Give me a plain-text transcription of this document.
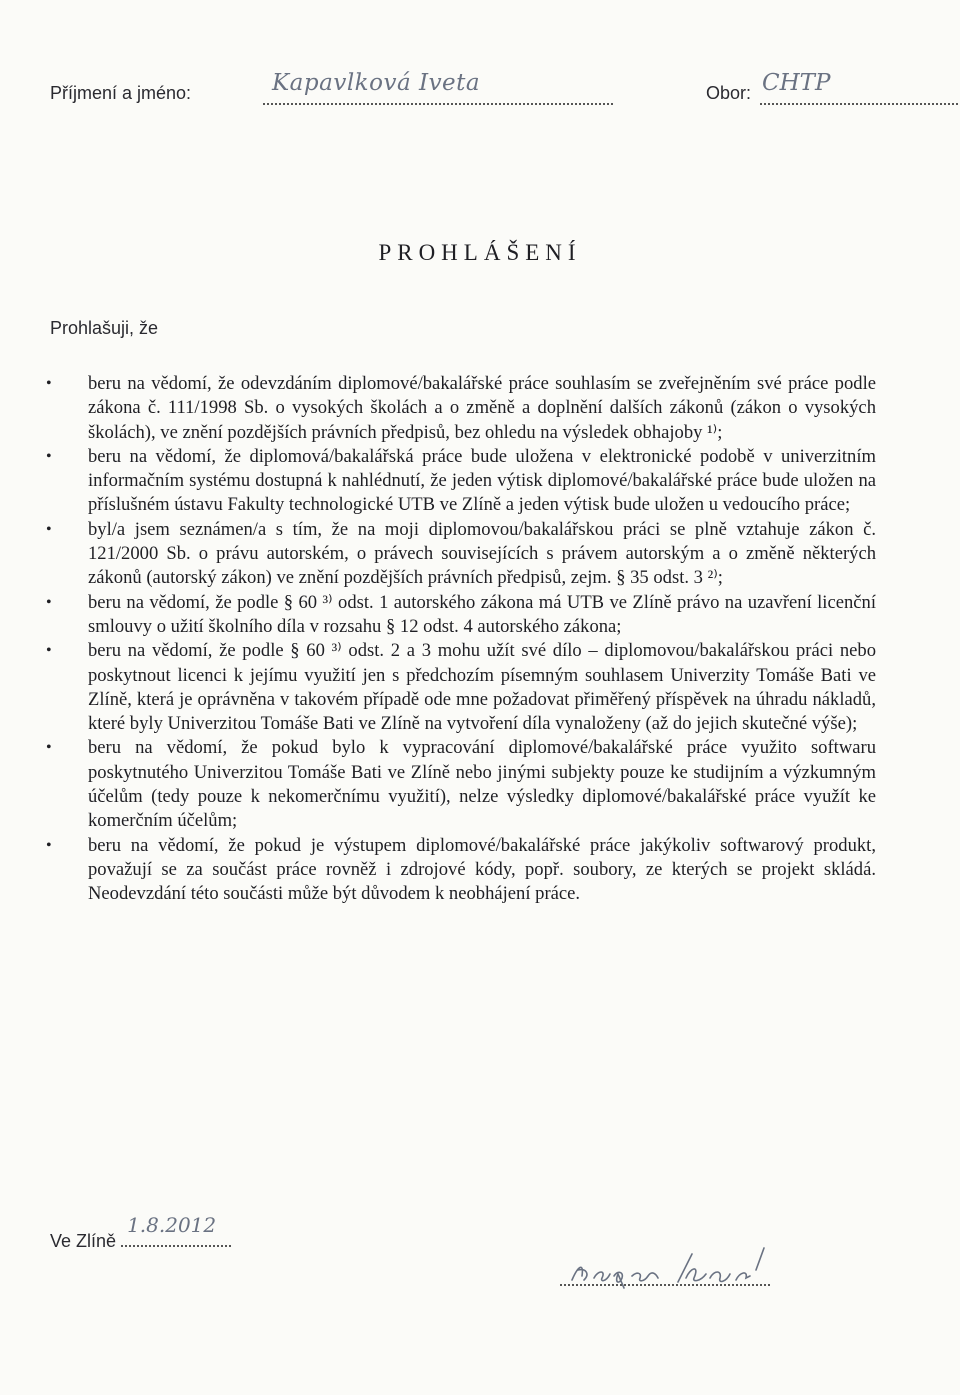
Příjmení a jméno:	Kapavlková Iveta	Obor: CHTP
PROHLÁŠENÍ
Prohlašuji, že
• beru na vědomí, že odevzdáním diplomové/bakalářské práce souhlasím se zveřejněním své práce podle zákona č. 111/1998 Sb. o vysokých školách a o změně a doplnění dalších zákonů (zákon o vysokých školách), ve znění pozdějších právních předpisů, bez ohledu na výsledek obhajoby ¹⁾;
• beru na vědomí, že diplomová/bakalářská práce bude uložena v elektronické podobě v univerzitním informačním systému dostupná k nahlédnutí, že jeden výtisk diplomové/bakalářské práce bude uložen na příslušném ústavu Fakulty technologické UTB ve Zlíně a jeden výtisk bude uložen u vedoucího práce;
• byl/a jsem seznámen/a s tím, že na moji diplomovou/bakalářskou práci se plně vztahuje zákon č. 121/2000 Sb. o právu autorském, o právech souvisejících s právem autorským a o změně některých zákonů (autorský zákon) ve znění pozdějších právních předpisů, zejm. § 35 odst. 3 ²⁾;
• beru na vědomí, že podle § 60 ³⁾ odst. 1 autorského zákona má UTB ve Zlíně právo na uzavření licenční smlouvy o užití školního díla v rozsahu § 12 odst. 4 autorského zákona;
• beru na vědomí, že podle § 60 ³⁾ odst. 2 a 3 mohu užít své dílo – diplomovou/bakalářskou práci nebo poskytnout licenci k jejímu využití jen s předchozím písemným souhlasem Univerzity Tomáše Bati ve Zlíně, která je oprávněna v takovém případě ode mne požadovat přiměřený příspěvek na úhradu nákladů, které byly Univerzitou Tomáše Bati ve Zlíně na vytvoření díla vynaloženy (až do jejich skutečné výše);
• beru na vědomí, že pokud bylo k vypracování diplomové/bakalářské práce využito softwaru poskytnutého Univerzitou Tomáše Bati ve Zlíně nebo jinými subjekty pouze ke studijním a výzkumným účelům (tedy pouze k nekomerčnímu využití), nelze výsledky diplomové/bakalářské práce využít ke komerčním účelům;
• beru na vědomí, že pokud je výstupem diplomové/bakalářské práce jakýkoliv softwarový produkt, považují se za součást práce rovněž i zdrojové kódy, popř. soubory, ze kterých se projekt skládá. Neodevzdání této součásti může být důvodem k neobhájení práce.
Ve Zlíně
1.8.2012
